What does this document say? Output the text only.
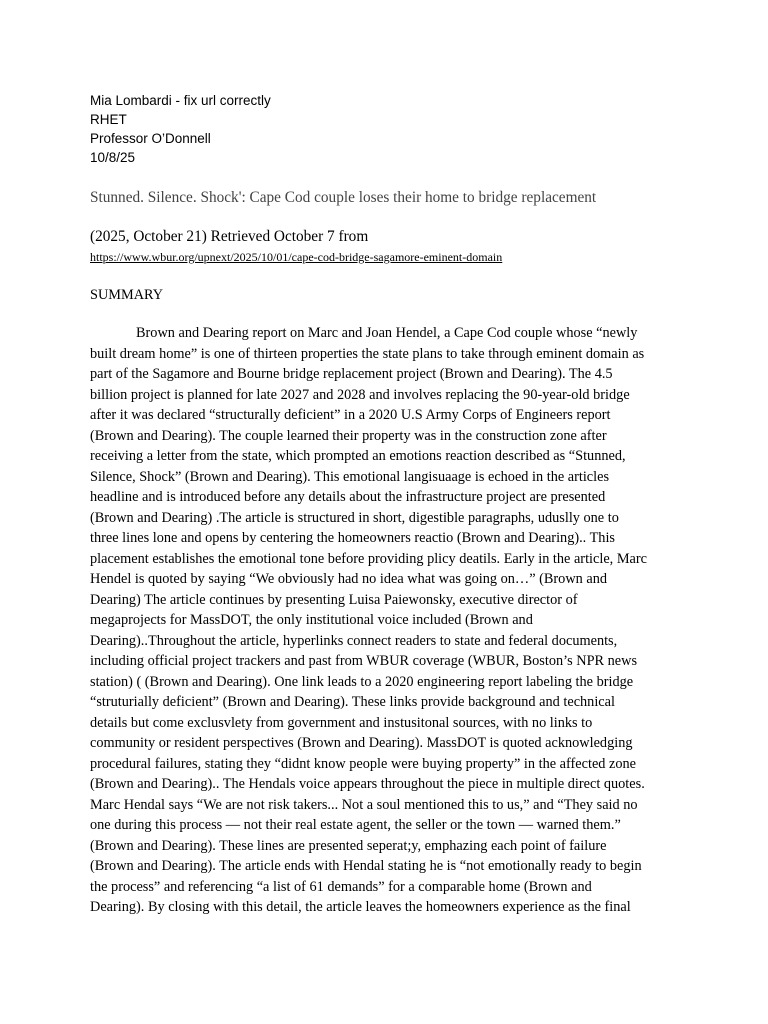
Mia Lombardi - fix url correctly
RHET
Professor O’Donnell
10/8/25
Stunned. Silence. Shock': Cape Cod couple loses their home to bridge replacement
(2025, October 21) Retrieved October 7 from
https://www.wbur.org/upnext/2025/10/01/cape-cod-bridge-sagamore-eminent-domain
SUMMARY
Brown and Dearing report on Marc and Joan Hendel, a Cape Cod couple whose “newly
built dream home” is one of thirteen properties the state plans to take through eminent domain as
part of the Sagamore and Bourne bridge replacement project (Brown and Dearing). The 4.5
billion project is planned for late 2027 and 2028 and involves replacing the 90-year-old bridge
after it was declared “structurally deficient” in a 2020 U.S Army Corps of Engineers report
(Brown and Dearing). The couple learned their property was in the construction zone after
receiving a letter from the state, which prompted an emotions reaction described as “Stunned,
Silence, Shock” (Brown and Dearing). This emotional langisuaage is echoed in the articles
headline and is introduced before any details about the infrastructure project are presented
(Brown and Dearing) .The article is structured in short, digestible paragraphs, uduslly one to
three lines lone and opens by centering the homeowners reactio (Brown and Dearing).. This
placement establishes the emotional tone before providing plicy deatils. Early in the article, Marc
Hendel is quoted by saying “We obviously had no idea what was going on…” (Brown and
Dearing) The article continues by presenting Luisa Paiewonsky, executive director of
megaprojects for MassDOT, the only institutional voice included (Brown and
Dearing)..Throughout the article, hyperlinks connect readers to state and federal documents,
including official project trackers and past from WBUR coverage (WBUR, Boston’s NPR news
station) ( (Brown and Dearing). One link leads to a 2020 engineering report labeling the bridge
“struturially deficient” (Brown and Dearing). These links provide background and technical
details but come exclusvlety from government and instusitonal sources, with no links to
community or resident perspectives (Brown and Dearing). MassDOT is quoted acknowledging
procedural failures, stating they “didnt know people were buying property” in the affected zone
(Brown and Dearing).. The Hendals voice appears throughout the piece in multiple direct quotes.
Marc Hendal says “We are not risk takers... Not a soul mentioned this to us,” and “They said no
one during this process — not their real estate agent, the seller or the town — warned them.”
(Brown and Dearing). These lines are presented seperat;y, emphazing each point of failure
(Brown and Dearing). The article ends with Hendal stating he is “not emotionally ready to begin
the process” and referencing “a list of 61 demands” for a comparable home (Brown and
Dearing). By closing with this detail, the article leaves the homeowners experience as the final
